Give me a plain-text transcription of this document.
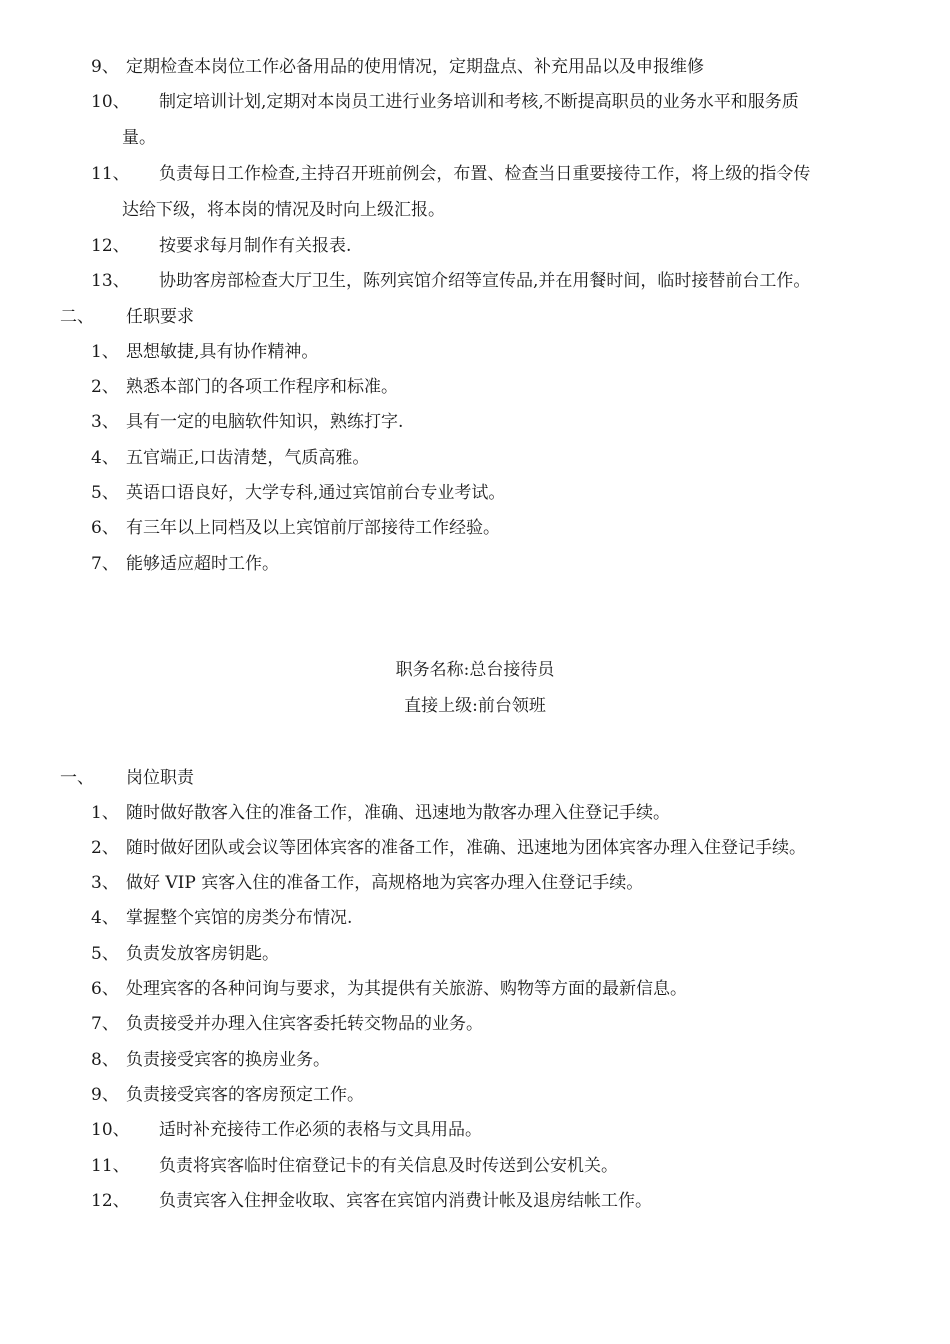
9、 定期检查本岗位工作必备用品的使用情况，定期盘点、补充用品以及申报维修
10、 制定培训计划,定期对本岗员工进行业务培训和考核,不断提高职员的业务水平和服务质
量。
11、 负责每日工作检查,主持召开班前例会，布置、检查当日重要接待工作，将上级的指令传
达给下级，将本岗的情况及时向上级汇报。
12、 按要求每月制作有关报表.
13、 协助客房部检查大厅卫生，陈列宾馆介绍等宣传品,并在用餐时间，临时接替前台工作。
二、 任职要求
1、 思想敏捷,具有协作精神。
2、 熟悉本部门的各项工作程序和标准。
3、 具有一定的电脑软件知识，熟练打字.
4、 五官端正,口齿清楚，气质高雅。
5、 英语口语良好，大学专科,通过宾馆前台专业考试。
6、 有三年以上同档及以上宾馆前厅部接待工作经验。
7、 能够适应超时工作。
职务名称:总台接待员
直接上级:前台领班
一、 岗位职责
1、 随时做好散客入住的准备工作，准确、迅速地为散客办理入住登记手续。
2、 随时做好团队或会议等团体宾客的准备工作，准确、迅速地为团体宾客办理入住登记手续。
3、 做好 VIP 宾客入住的准备工作，高规格地为宾客办理入住登记手续。
4、 掌握整个宾馆的房类分布情况.
5、 负责发放客房钥匙。
6、 处理宾客的各种问询与要求，为其提供有关旅游、购物等方面的最新信息。
7、 负责接受并办理入住宾客委托转交物品的业务。
8、 负责接受宾客的换房业务。
9、 负责接受宾客的客房预定工作。
10、 适时补充接待工作必须的表格与文具用品。
11、 负责将宾客临时住宿登记卡的有关信息及时传送到公安机关。
12、 负责宾客入住押金收取、宾客在宾馆内消费计帐及退房结帐工作。
